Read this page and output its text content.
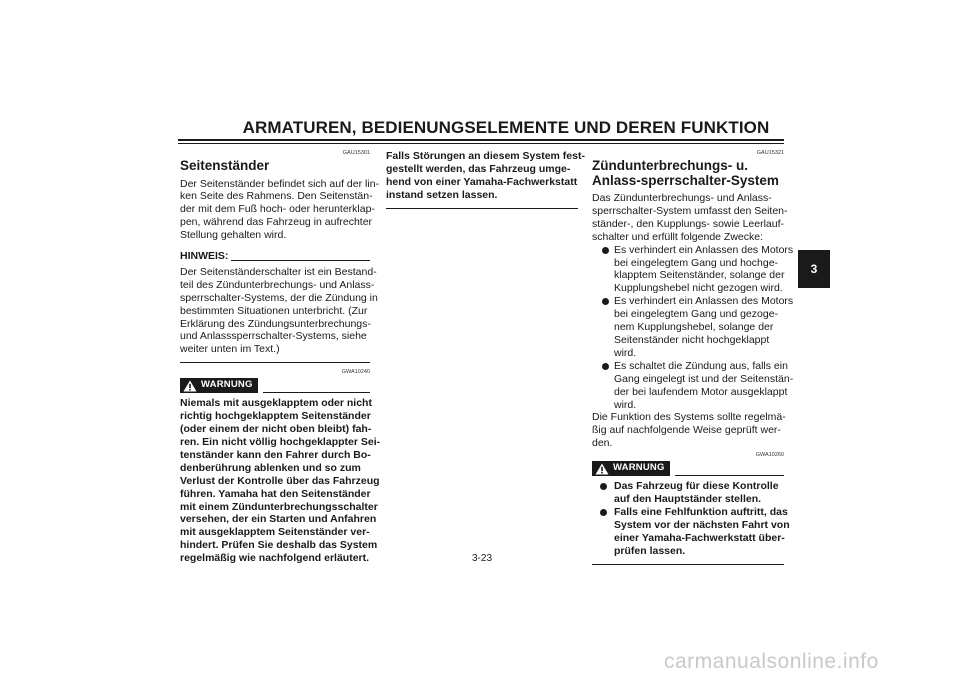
ARMATUREN, BEDIENUNGSELEMENTE UND DEREN FUNKTION
GAU15301
Seitenständer
Der Seitenständer befindet sich auf der lin-
ken Seite des Rahmens. Den Seitenstän-
der mit dem Fuß hoch- oder herunterklap-
pen, während das Fahrzeug in aufrechter
Stellung gehalten wird.
HINWEIS:
Der Seitenständerschalter ist ein Bestand-
teil des Zündunterbrechungs- und Anlass-
sperrschalter-Systems, der die Zündung in
bestimmten Situationen unterbricht. (Zur
Erklärung des Zündungsunterbrechungs-
und Anlasssperrschalter-Systems, siehe
weiter unten im Text.)
GWA10240
WARNUNG
Niemals mit ausgeklapptem oder nicht
richtig hochgeklapptem Seitenständer
(oder einem der nicht oben bleibt) fah-
ren. Ein nicht völlig hochgeklappter Sei-
tenständer kann den Fahrer durch Bo-
denberührung ablenken und so zum
Verlust der Kontrolle über das Fahrzeug
führen. Yamaha hat den Seitenständer
mit einem Zündunterbrechungsschalter
versehen, der ein Starten und Anfahren
mit ausgeklapptem Seitenständer ver-
hindert. Prüfen Sie deshalb das System
regelmäßig wie nachfolgend erläutert.
Falls Störungen an diesem System fest-
gestellt werden, das Fahrzeug umge-
hend von einer Yamaha-Fachwerkstatt
instand setzen lassen.
GAU15321
Zündunterbrechungs- u. Anlass-sperrschalter-System
Das Zündunterbrechungs- und Anlass-
sperrschalter-System umfasst den Seiten-
ständer-, den Kupplungs- sowie Leerlauf-
schalter und erfüllt folgende Zwecke:
Es verhindert ein Anlassen des Motors
bei eingelegtem Gang und hochge-
klapptem Seitenständer, solange der
Kupplungshebel nicht gezogen wird.
Es verhindert ein Anlassen des Motors
bei eingelegtem Gang und gezoge-
nem Kupplungshebel, solange der
Seitenständer nicht hochgeklappt
wird.
Es schaltet die Zündung aus, falls ein
Gang eingelegt ist und der Seitenstän-
der bei laufendem Motor ausgeklappt
wird.
Die Funktion des Systems sollte regelmä-
ßig auf nachfolgende Weise geprüft wer-
den.
GWA10260
WARNUNG
Das Fahrzeug für diese Kontrolle
auf den Hauptständer stellen.
Falls eine Fehlfunktion auftritt, das
System vor der nächsten Fahrt von
einer Yamaha-Fachwerkstatt über-
prüfen lassen.
3
3-23
carmanualsonline.info
